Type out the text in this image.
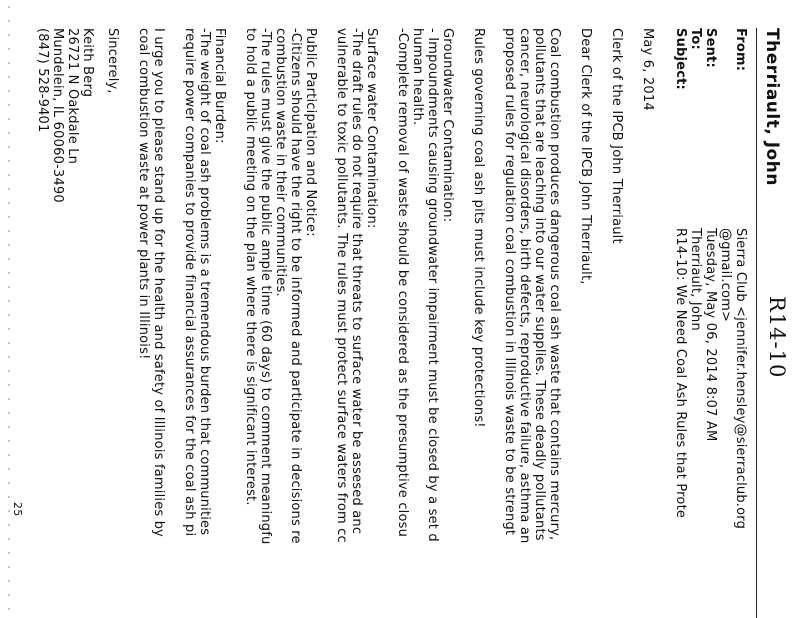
Therriault, John
R14-10
From:
Sierra Club <jennifer.hensley@sierraclub.org
@gmail.com>
Sent:
Tuesday, May 06, 2014 8:07 AM
To:
Therriault, John
Subject:
R14-10: We Need Coal Ash Rules that Prote
May 6, 2014
Clerk of the IPCB John Therriault
Dear Clerk of the IPCB John Therriault,
Coal combustion produces dangerous coal ash waste that contains mercury,
pollutants that are leaching into our water supplies. These deadly pollutants
cancer, neurological disorders, birth defects, reproductive failure, asthma an
proposed rules for regulation coal combustion in Illinois waste to be strengt
Rules governing coal ash pits must include key protections!
Groundwater Contamination:
- Impoundments causing groundwater impairment must be closed by a set d
human health.
-Complete removal of waste should be considered as the presumptive closu
Surface water Contamination:
-The draft rules do not require that threats to surface water be assesed anc
vulnerable to toxic pollutants. The rules must protect surface waters from cc
Public Participation and Notice:
-Citizens should have the right to be informed and participate in decisions re
combustion waste in their communities.
-The rules must give the public ample time (60 days) to comment meaningfu
to hold a public meeting on the plan where there is significant interest.
Financial Burden:
-The weight of coal ash problems is a tremendous burden that communities
require power companies to provide financial assurances for the coal ash pi
I urge you to please stand up for the health and safety of Illinois families by
coal combustion waste at power plants in Illinois!
Sincerely,
Keith Berg
26721 N Oakdale Ln
Mundelein, IL 60060-3490
(847) 528-9401
25
